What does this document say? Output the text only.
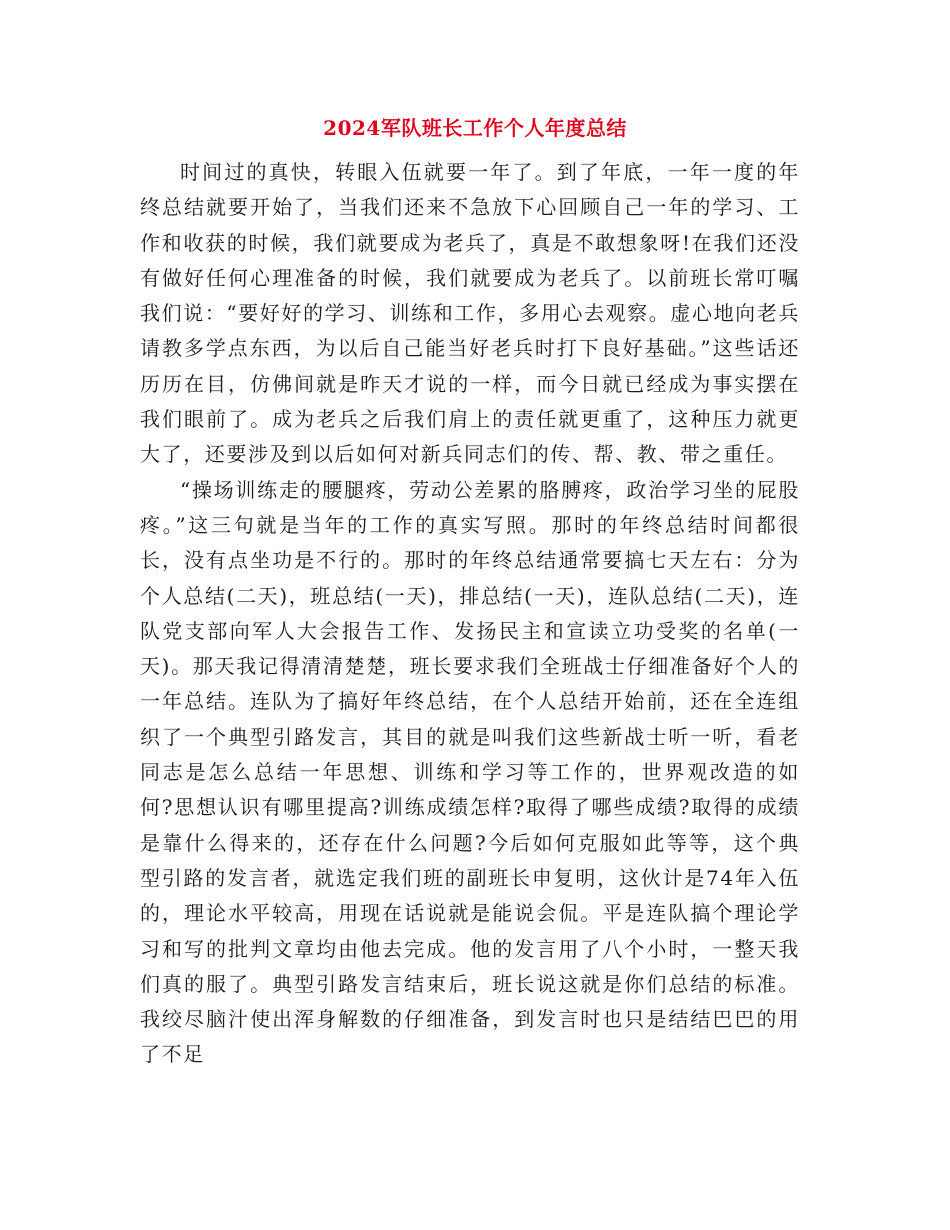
2024军队班长工作个人年度总结

时间过的真快，转眼入伍就要一年了。到了年底，一年一度的年终总结就要开始了，当我们还来不急放下心回顾自己一年的学习、工作和收获的时候，我们就要成为老兵了，真是不敢想象呀!在我们还没有做好任何心理准备的时候，我们就要成为老兵了。以前班长常叮嘱我们说：“要好好的学习、训练和工作，多用心去观察。虚心地向老兵请教多学点东西，为以后自己能当好老兵时打下良好基础。”这些话还历历在目，仿佛间就是昨天才说的一样，而今日就已经成为事实摆在我们眼前了。成为老兵之后我们肩上的责任就更重了，这种压力就更大了，还要涉及到以后如何对新兵同志们的传、帮、教、带之重任。

“操场训练走的腰腿疼，劳动公差累的胳膊疼，政治学习坐的屁股疼。”这三句就是当年的工作的真实写照。那时的年终总结时间都很长，没有点坐功是不行的。那时的年终总结通常要搞七天左右：分为个人总结(二天)，班总结(一天)，排总结(一天)，连队总结(二天)，连队党支部向军人大会报告工作、发扬民主和宣读立功受奖的名单(一天)。那天我记得清清楚楚，班长要求我们全班战士仔细准备好个人的一年总结。连队为了搞好年终总结，在个人总结开始前，还在全连组织了一个典型引路发言，其目的就是叫我们这些新战士听一听，看老同志是怎么总结一年思想、训练和学习等工作的，世界观改造的如何?思想认识有哪里提高?训练成绩怎样?取得了哪些成绩?取得的成绩是靠什么得来的，还存在什么问题?今后如何克服如此等等，这个典型引路的发言者，就选定我们班的副班长申复明，这伙计是74年入伍的，理论水平较高，用现在话说就是能说会侃。平是连队搞个理论学习和写的批判文章均由他去完成。他的发言用了八个小时，一整天我们真的服了。典型引路发言结束后，班长说这就是你们总结的标准。我绞尽脑汁使出浑身解数的仔细准备，到发言时也只是结结巴巴的用了不足
